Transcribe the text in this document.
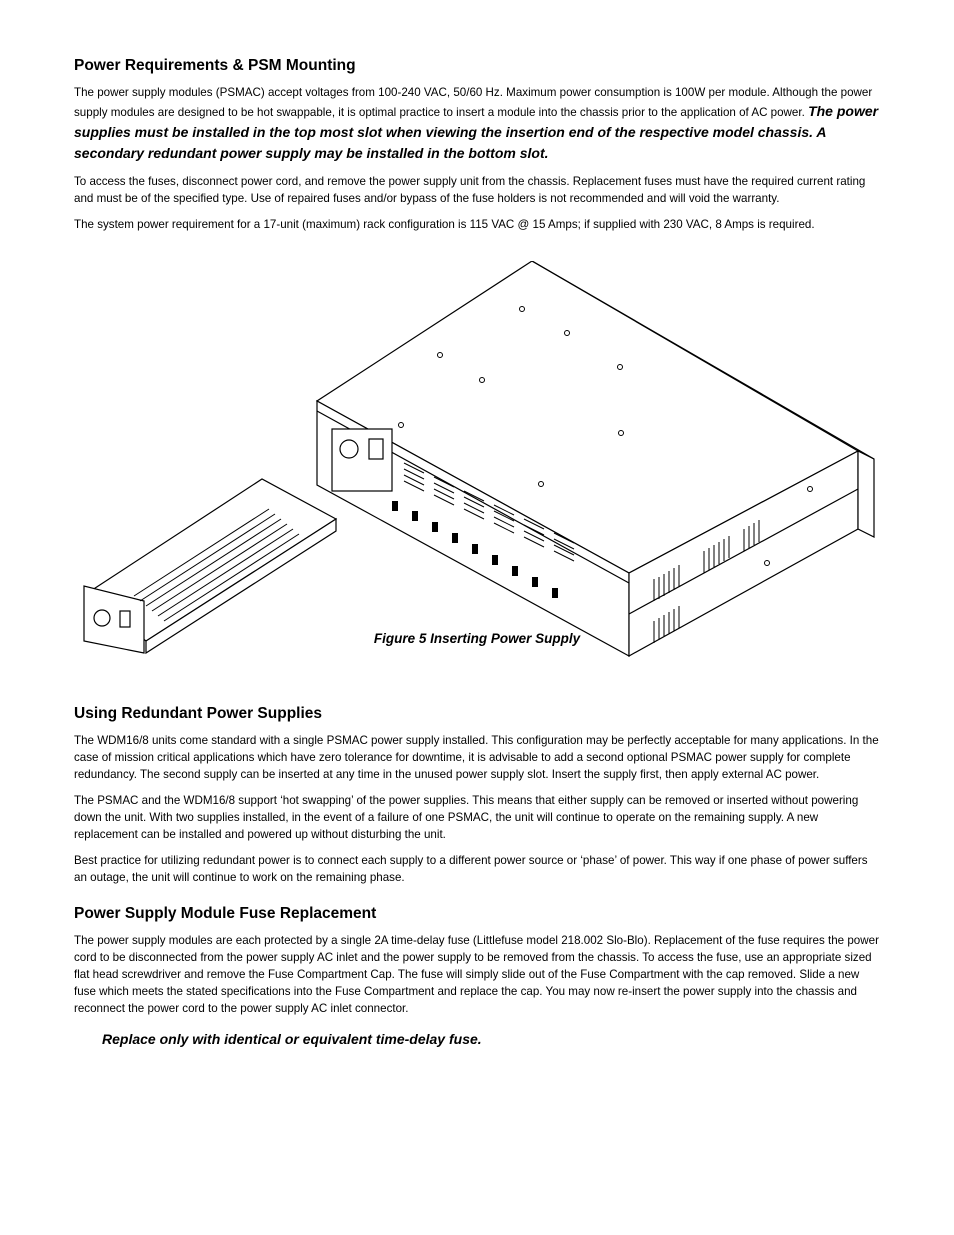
Power Requirements & PSM Mounting

The power supply modules (PSMAC) accept voltages from 100-240 VAC, 50/60 Hz. Maximum power consumption is 100W per module. Although the power supply modules are designed to be hot swappable, it is optimal practice to insert a module into the chassis prior to the application of AC power. The power supplies must be installed in the top most slot when viewing the insertion end of the respective model chassis. A secondary redundant power supply may be installed in the bottom slot.

To access the fuses, disconnect power cord, and remove the power supply unit from the chassis. Replacement fuses must have the required current rating and must be of the specified type. Use of repaired fuses and/or bypass of the fuse holders is not recommended and will void the warranty.

The system power requirement for a 17-unit (maximum) rack configuration is 115 VAC @ 15 Amps; if supplied with 230 VAC, 8 Amps is required.

Figure 5 Inserting Power Supply
Using Redundant Power Supplies

The WDM16/8 units come standard with a single PSMAC power supply installed. This configuration may be perfectly acceptable for many applications. In the case of mission critical applications which have zero tolerance for downtime, it is advisable to add a second optional PSMAC power supply for complete redundancy. The second supply can be inserted at any time in the unused power supply slot. Insert the supply first, then apply external AC power.

The PSMAC and the WDM16/8 support ‘hot swapping’ of the power supplies. This means that either supply can be removed or inserted without powering down the unit. With two supplies installed, in the event of a failure of one PSMAC, the unit will continue to operate on the remaining supply. A new replacement can be installed and powered up without disturbing the unit.

Best practice for utilizing redundant power is to connect each supply to a different power source or ‘phase’ of power. This way if one phase of power suffers an outage, the unit will continue to work on the remaining phase.

Power Supply Module Fuse Replacement

The power supply modules are each protected by a single 2A time-delay fuse (Littlefuse model 218.002 Slo-Blo). Replacement of the fuse requires the power cord to be disconnected from the power supply AC inlet and the power supply to be removed from the chassis. To access the fuse, use an appropriate sized flat head screwdriver and remove the Fuse Compartment Cap. The fuse will simply slide out of the Fuse Compartment with the cap removed. Slide a new fuse which meets the stated specifications into the Fuse Compartment and replace the cap. You may now re-insert the power supply into the chassis and reconnect the power cord to the power supply AC inlet connector.

Replace only with identical or equivalent time-delay fuse.
